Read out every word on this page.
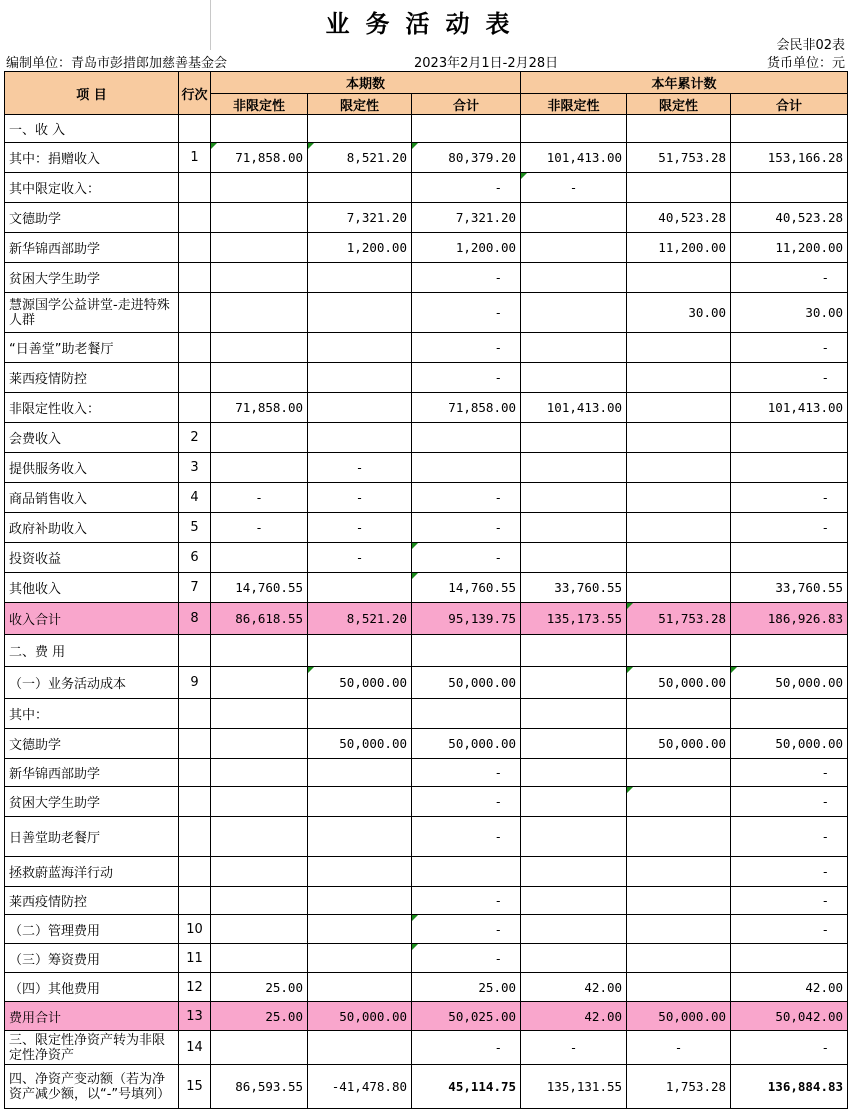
业务活动表
会民非02表
编制单位：青岛市彭措郎加慈善基金会	2023年2月1日-2月28日	货币单位：元
项 目	行次	本期数			本年累计数		
		非限定性	限定性	合计	非限定性	限定性	合计
一、收 入							
其中：捐赠收入	1	71,858.00	8,521.20	80,379.20	101,413.00	51,753.28	153,166.28
其中限定收入：				-	-		
文德助学			7,321.20	7,321.20		40,523.28	40,523.28
新华锦西部助学			1,200.00	1,200.00		11,200.00	11,200.00
贫困大学生助学				-			-
慧源国学公益讲堂-走进特殊人群				-		30.00	30.00
“日善堂”助老餐厅				-			-
莱西疫情防控				-			-
非限定性收入：		71,858.00		71,858.00	101,413.00		101,413.00
会费收入	2						
提供服务收入	3		-				
商品销售收入	4	-	-	-			-
政府补助收入	5	-	-	-			-
投资收益	6		-	-			
其他收入	7	14,760.55		14,760.55	33,760.55		33,760.55
收入合计	8	86,618.55	8,521.20	95,139.75	135,173.55	51,753.28	186,926.83
二、费 用							
（一）业务活动成本	9		50,000.00	50,000.00		50,000.00	50,000.00
其中：							
文德助学			50,000.00	50,000.00		50,000.00	50,000.00
新华锦西部助学				-			-
贫困大学生助学				-			-
日善堂助老餐厅				-			-
拯救蔚蓝海洋行动							-
莱西疫情防控				-			-
（二）管理费用	10			-			-
（三）筹资费用	11			-			
（四）其他费用	12	25.00		25.00	42.00		42.00
费用合计	13	25.00	50,000.00	50,025.00	42.00	50,000.00	50,042.00
三、限定性净资产转为非限定性净资产	14			-	-	-	-
四、净资产变动额（若为净资产减少额，以“-”号填列）	15	86,593.55	-41,478.80	45,114.75	135,131.55	1,753.28	136,884.83
